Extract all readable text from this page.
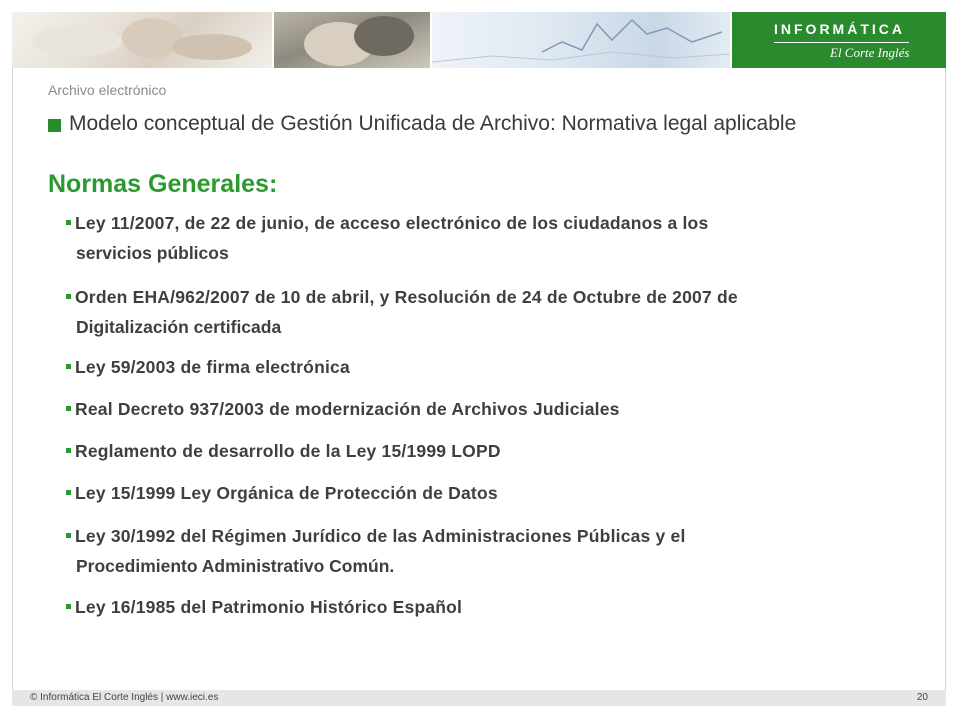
INFORMÁTICA
El Corte Inglés
Archivo electrónico
Modelo conceptual de Gestión Unificada de Archivo: Normativa legal aplicable
Normas Generales:
Ley 11/2007, de 22 de junio, de acceso electrónico de los ciudadanos a los
servicios públicos
Orden EHA/962/2007 de 10 de abril, y Resolución de 24 de Octubre de 2007 de
Digitalización certificada
Ley 59/2003 de firma electrónica
Real Decreto 937/2003 de modernización de Archivos Judiciales
Reglamento de desarrollo de la Ley 15/1999 LOPD
Ley 15/1999 Ley Orgánica de Protección de Datos
Ley 30/1992 del Régimen Jurídico de las Administraciones Públicas y el
Procedimiento Administrativo Común.
Ley 16/1985 del Patrimonio Histórico Español
© Informática El Corte Inglés | www.ieci.es	20
